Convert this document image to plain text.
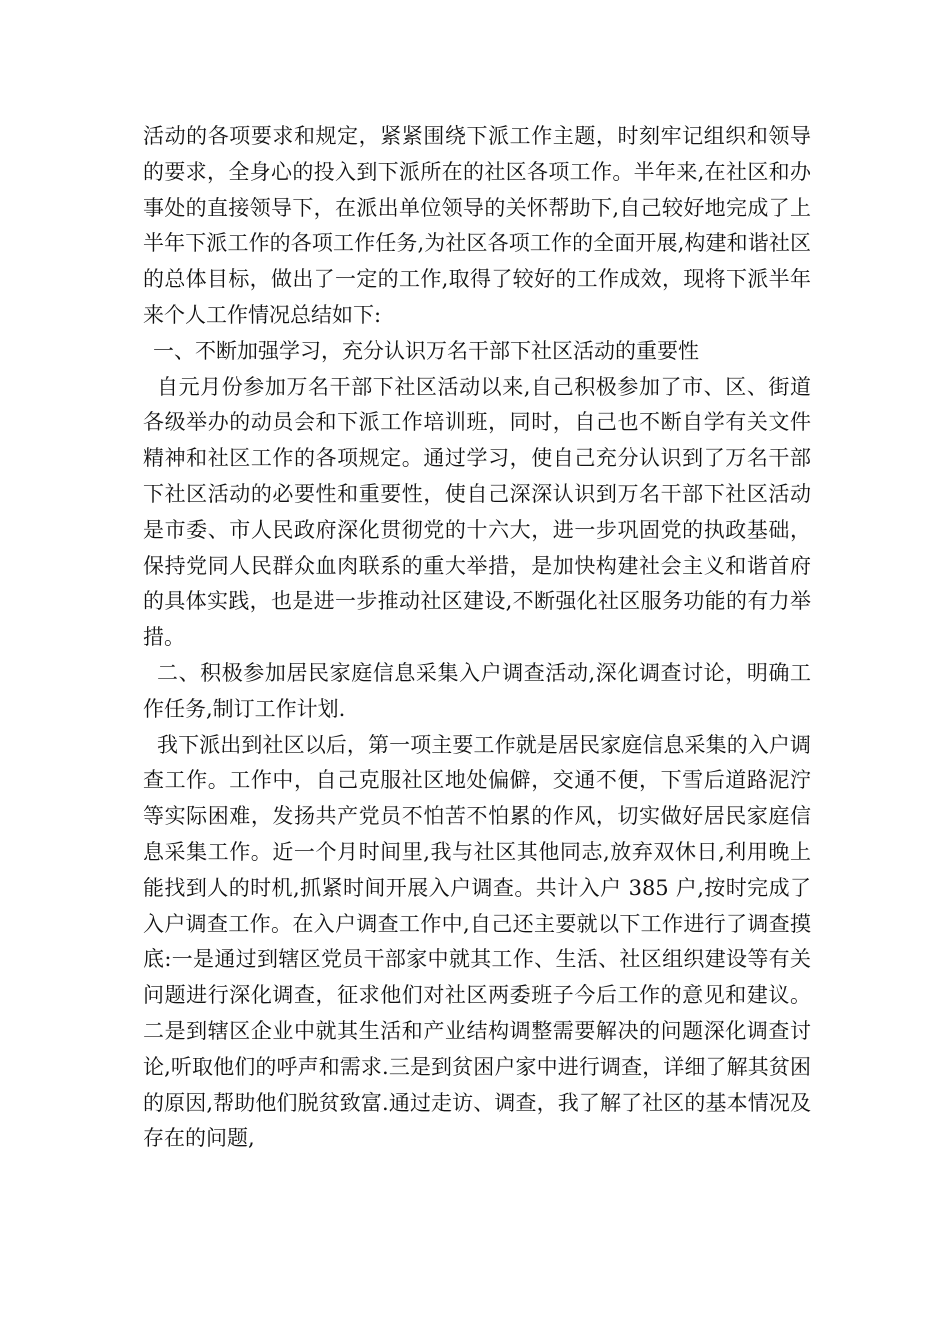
活动的各项要求和规定，紧紧围绕下派工作主题，时刻牢记组织和领导的要求，全身心的投入到下派所在的社区各项工作。半年来,在社区和办事处的直接领导下，在派出单位领导的关怀帮助下,自己较好地完成了上半年下派工作的各项工作任务,为社区各项工作的全面开展,构建和谐社区的总体目标，做出了一定的工作,取得了较好的工作成效，现将下派半年来个人工作情况总结如下:

一、不断加强学习，充分认识万名干部下社区活动的重要性

自元月份参加万名干部下社区活动以来,自己积极参加了市、区、街道各级举办的动员会和下派工作培训班，同时，自己也不断自学有关文件精神和社区工作的各项规定。通过学习，使自己充分认识到了万名干部下社区活动的必要性和重要性，使自己深深认识到万名干部下社区活动是市委、市人民政府深化贯彻党的十六大，进一步巩固党的执政基础，保持党同人民群众血肉联系的重大举措，是加快构建社会主义和谐首府的具体实践，也是进一步推动社区建设,不断强化社区服务功能的有力举措。

二、积极参加居民家庭信息采集入户调查活动,深化调查讨论，明确工作任务,制订工作计划.

我下派出到社区以后，第一项主要工作就是居民家庭信息采集的入户调查工作。工作中，自己克服社区地处偏僻，交通不便，下雪后道路泥泞等实际困难，发扬共产党员不怕苦不怕累的作风，切实做好居民家庭信息采集工作。近一个月时间里,我与社区其他同志,放弃双休日,利用晚上能找到人的时机,抓紧时间开展入户调查。共计入户 385 户,按时完成了入户调查工作。在入户调查工作中,自己还主要就以下工作进行了调查摸底:一是通过到辖区党员干部家中就其工作、生活、社区组织建设等有关问题进行深化调查，征求他们对社区两委班子今后工作的意见和建议。二是到辖区企业中就其生活和产业结构调整需要解决的问题深化调查讨论,听取他们的呼声和需求.三是到贫困户家中进行调查，详细了解其贫困的原因,帮助他们脱贫致富.通过走访、调查，我了解了社区的基本情况及存在的问题,
